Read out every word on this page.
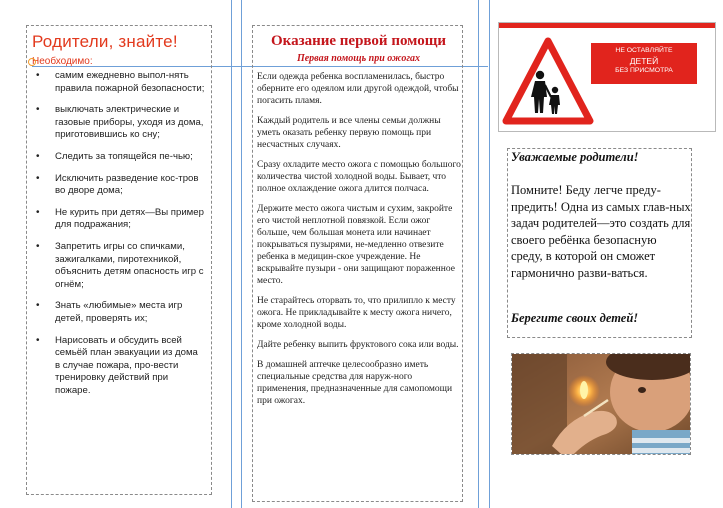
Родители, знайте!
Необходимо:
• самим ежедневно выпол-нять правила пожарной безопасности;
• выключать электрические и газовые приборы, уходя из дома, приготовившись ко сну;
• Следить за топящейся пе-чью;
• Исключить разведение кос-тров во дворе дома;
• Не курить при детях—Вы пример для подражания;
• Запретить игры со спичками, зажигалками, пиротехникой, объяснить детям опасность игр с огнём;
• Знать «любимые» места игр детей, проверять их;
• Нарисовать и обсудить всей семьёй план эвакуации из дома в случае пожара, про-вести тренировку действий при пожаре.
Оказание первой помощи
Первая помощь при ожогах

Если одежда ребенка воспламенилась, быстро оберните его одеялом или другой одеждой, чтобы погасить пламя.

Каждый родитель и все члены семьи должны уметь оказать ребенку первую помощь при несчастных случаях.

Сразу охладите место ожога с помощью большого количества чистой холодной воды. Бывает, что полное охлаждение ожога длится полчаса.

Держите место ожога чистым и сухим, закройте его чистой неплотной повязкой. Если ожог больше, чем большая монета или начинает покрываться пузырями, не-медленно отвезите ребенка в медицин-ское учреждение. Не вскрывайте пузыри - они защищают пораженное место.

Не старайтесь оторвать то, что прилипло к месту ожога. Не прикладывайте к месту ожога ничего, кроме холодной воды.

Дайте ребенку выпить фруктового сока или воды.

В домашней аптечке целесообразно иметь специальные средства для наруж-ного применения, предназначенные для самопомощи при ожогах.

НЕ ОСТАВЛЯЙТЕ
ДЕТЕЙ
БЕЗ ПРИСМОТРА
Уважаемые родители!
Помните! Беду легче преду-предить! Одна из самых глав-ных задач родителей—это создать для своего ребёнка безопасную среду, в которой он сможет гармонично разви-ваться.
Берегите своих детей!
